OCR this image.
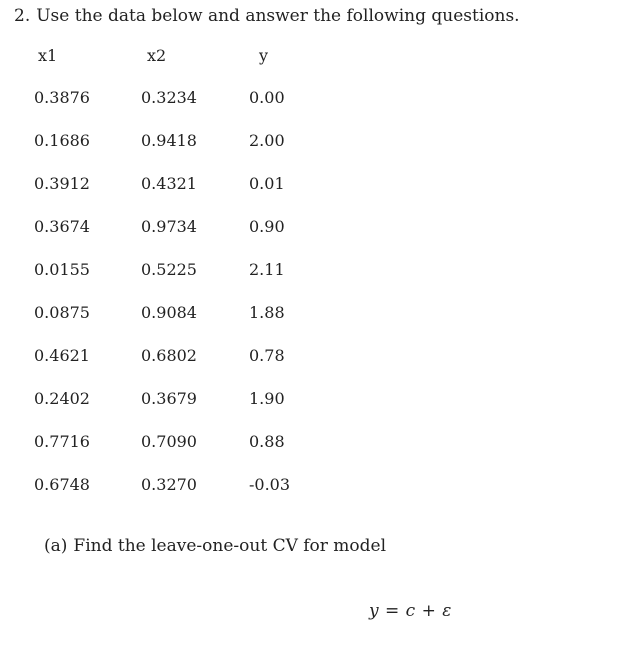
2. Use the data below and answer the following questions.
x1	x2	y
0.3876	0.3234	0.00
0.1686	0.9418	2.00
0.3912	0.4321	0.01
0.3674	0.9734	0.90
0.0155	0.5225	2.11
0.0875	0.9084	1.88
0.4621	0.6802	0.78
0.2402	0.3679	1.90
0.7716	0.7090	0.88
0.6748	0.3270	-0.03
(a) Find the leave-one-out CV for model
y = c + ε
